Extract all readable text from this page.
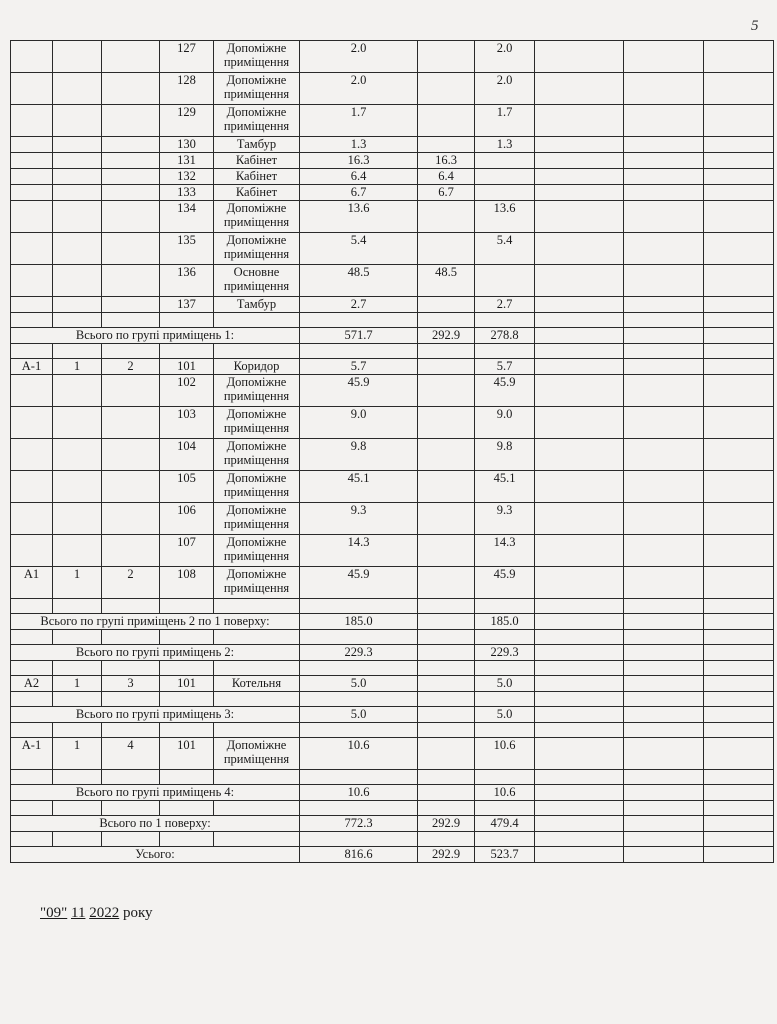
5
			127	Допоміжне приміщення	2.0		2.0			
			128	Допоміжне приміщення	2.0		2.0			
			129	Допоміжне приміщення	1.7		1.7			
			130	Тамбур	1.3		1.3			
			131	Кабінет	16.3	16.3				
			132	Кабінет	6.4	6.4				
			133	Кабінет	6.7	6.7				
			134	Допоміжне приміщення	13.6		13.6			
			135	Допоміжне приміщення	5.4		5.4			
			136	Основне приміщення	48.5	48.5				
			137	Тамбур	2.7		2.7			

Всього по групі приміщень 1:					571.7	292.9	278.8			

А-1	1	2	101	Коридор	5.7		5.7			
			102	Допоміжне приміщення	45.9		45.9			
			103	Допоміжне приміщення	9.0		9.0			
			104	Допоміжне приміщення	9.8		9.8			
			105	Допоміжне приміщення	45.1		45.1			
			106	Допоміжне приміщення	9.3		9.3			
			107	Допоміжне приміщення	14.3		14.3			
А1	1	2	108	Допоміжне приміщення	45.9		45.9			

Всього по групі приміщень 2 по 1 поверху:					185.0		185.0			

Всього по групі приміщень 2:					229.3		229.3			

А2	1	3	101	Котельня	5.0		5.0			

Всього по групі приміщень 3:					5.0		5.0			

А-1	1	4	101	Допоміжне приміщення	10.6		10.6			

Всього по групі приміщень 4:					10.6		10.6			

Всього по 1 поверху:					772.3	292.9	479.4			

Усього:					816.6	292.9	523.7			
"09" 11 2022 року
